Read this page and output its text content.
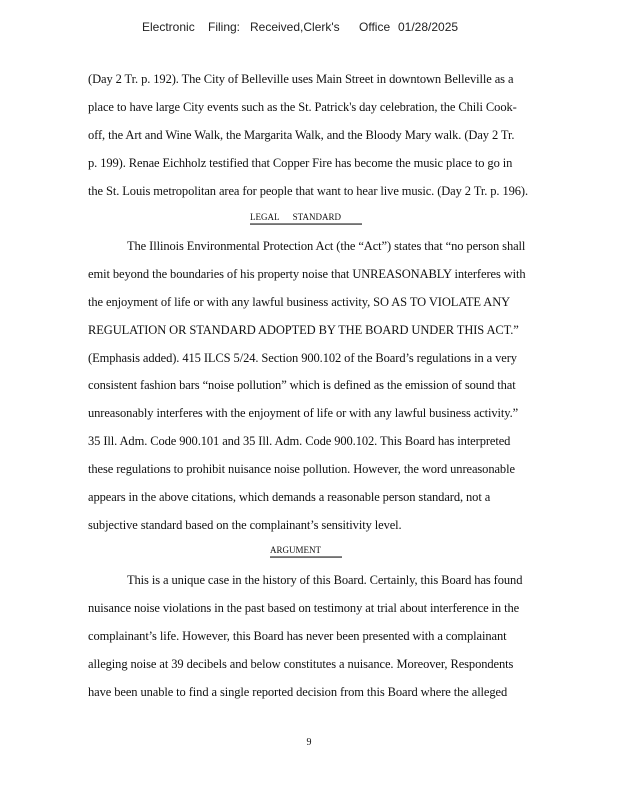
Electronic Filing: Received,Clerk's Office 01/28/2025
(Day 2 Tr. p. 192). The City of Belleville uses Main Street in downtown Belleville as a
place to have large City events such as the St. Patrick's day celebration, the Chili Cook-
off, the Art and Wine Walk, the Margarita Walk, and the Bloody Mary walk. (Day 2 Tr.
p. 199). Renae Eichholz testified that Copper Fire has become the music place to go in
the St. Louis metropolitan area for people that want to hear live music. (Day 2 Tr. p. 196).
LEGAL      STANDARD
The Illinois Environmental Protection Act (the “Act”) states that “no person shall
emit beyond the boundaries of his property noise that UNREASONABLY interferes with
the enjoyment of life or with any lawful business activity, SO AS TO VIOLATE ANY
REGULATION OR STANDARD ADOPTED BY THE BOARD UNDER THIS ACT.”
(Emphasis added). 415 ILCS 5/24. Section 900.102 of the Board’s regulations in a very
consistent fashion bars “noise pollution” which is defined as the emission of sound that
unreasonably interferes with the enjoyment of life or with any lawful business activity.”
35 Ill. Adm. Code 900.101 and 35 Ill. Adm. Code 900.102. This Board has interpreted
these regulations to prohibit nuisance noise pollution. However, the word unreasonable
appears in the above citations, which demands a reasonable person standard, not a
subjective standard based on the complainant’s sensitivity level.
ARGUMENT
This is a unique case in the history of this Board. Certainly, this Board has found
nuisance noise violations in the past based on testimony at trial about interference in the
complainant’s life. However, this Board has never been presented with a complainant
alleging noise at 39 decibels and below constitutes a nuisance. Moreover, Respondents
have been unable to find a single reported decision from this Board where the alleged
9
